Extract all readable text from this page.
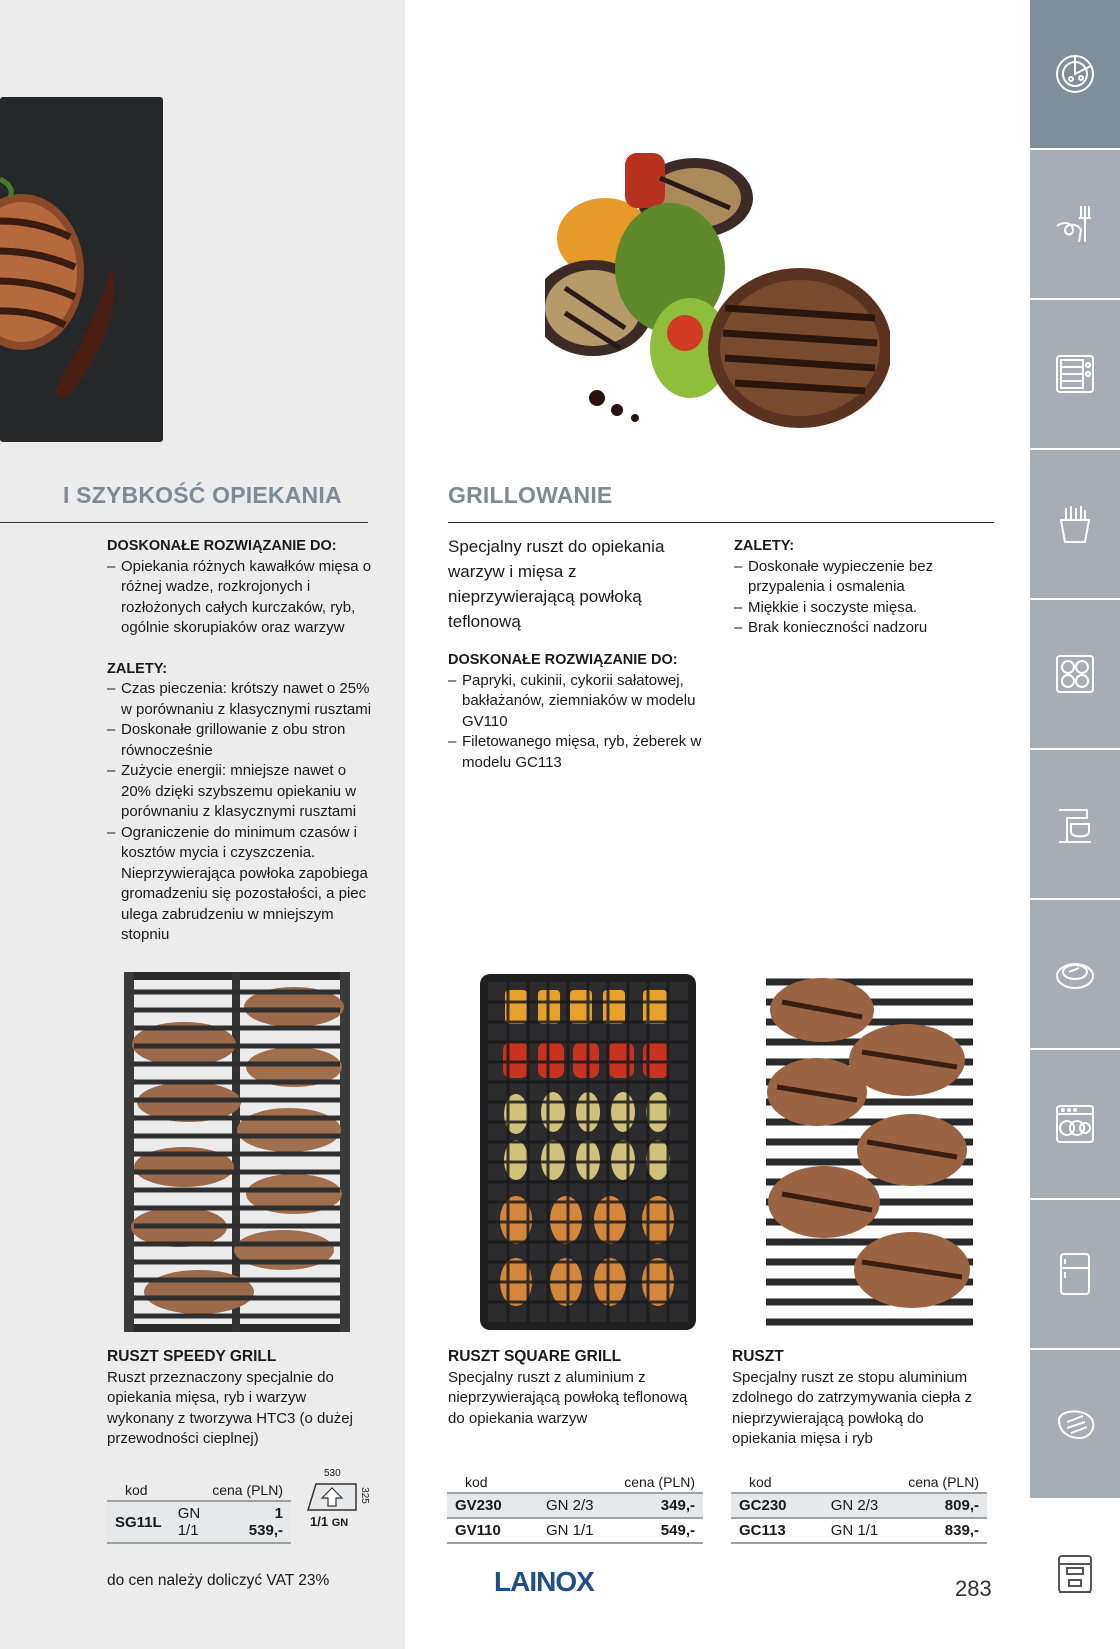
I SZYBKOŚĆ OPIEKANIA
DOSKONAŁE ROZWIĄZANIE DO:
– Opiekania różnych kawałków mięsa o różnej wadze, rozkrojonych i rozłożonych całych kurczaków, ryb, ogólnie skorupiaków oraz warzyw
ZALETY:
– Czas pieczenia: krótszy nawet o 25% w porównaniu z klasycznymi rusztami
– Doskonałe grillowanie z obu stron równocześnie
– Zużycie energii: mniejsze nawet o 20% dzięki szybszemu opiekaniu w porównaniu z klasycznymi rusztami
– Ograniczenie do minimum czasów i kosztów mycia i czyszczenia. Nieprzywierająca powłoka zapobiega gromadzeniu się pozostałości, a piec ulega zabrudzeniu w mniejszym stopniu
GRILLOWANIE
Specjalny ruszt do opiekania warzyw i mięsa z nieprzywierającą powłoką teflonową
DOSKONAŁE ROZWIĄZANIE DO:
– Papryki, cukinii, cykorii sałatowej, bakłażanów, ziemniaków w modelu GV110
– Filetowanego mięsa, ryb, żeberek w modelu GC113
ZALETY:
– Doskonałe wypieczenie bez przypalenia i osmalenia
– Miękkie i soczyste mięsa.
– Brak konieczności nadzoru
RUSZT SPEEDY GRILL
Ruszt przeznaczony specjalnie do opiekania mięsa, ryb i warzyw wykonany z tworzywa HTC3 (o dużej przewodności cieplnej)
RUSZT SQUARE GRILL
Specjalny ruszt z aluminium z nieprzywierającą powłoką teflonową do opiekania warzyw
RUSZT
Specjalny ruszt ze stopu aluminium zdolnego do zatrzymywania ciepła z nieprzywierającą powłoką do opiekania mięsa i ryb
kod	cena (PLN)	
SG11L	GN 1/1	1 539,-
530
325
1/1 GN
kod	cena (PLN)	
GV230	GN 2/3	349,-
GV110	GN 1/1	549,-
kod	cena (PLN)	
GC230	GN 2/3	809,-
GC113	GN 1/1	839,-
do cen należy doliczyć VAT 23%	LAINOX	283
